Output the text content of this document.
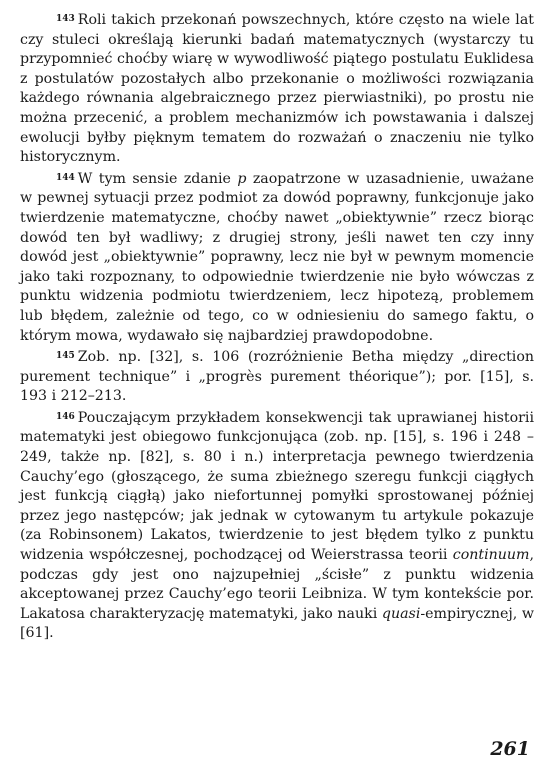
$^{143}$ Roli takich przekonań powszechnych, które często na wiele lat czy stuleci określają kierunki badań matematycznych (wystarczy tu przypomnieć choćby wiarę w wywodliwość piątego postulatu Euklidesa z postulatów pozostałych albo przekonanie o możliwości rozwiązania każdego równania algebraicznego przez pierwiastniki), po prostu nie można przecenić, a problem mechanizmów ich powstawania i dalszej ewolucji byłby pięknym tematem do rozważań o znaczeniu nie tylko historycznym.

$^{144}$ W tym sensie zdanie p zaopatrzone w uzasadnienie, uważane w pewnej sytuacji przez podmiot za dowód poprawny, funkcjonuje jako twierdzenie matematyczne, choćby nawet „obiektywnie” rzecz biorąc dowód ten był wadliwy; z drugiej strony, jeśli nawet ten czy inny dowód jest „obiektywnie” poprawny, lecz nie był w pewnym momencie jako taki rozpoznany, to odpowiednie twierdzenie nie było wówczas z punktu widzenia podmiotu twierdzeniem, lecz hipotezą, problemem lub błędem, zależnie od tego, co w odniesieniu do samego faktu, o którym mowa, wydawało się najbardziej prawdopodobne.

$^{145}$ Zob. np. [32], s. 106 (rozróżnienie Betha między „direction purement technique” i „progrès purement théorique”); por. [15], s. 193 i 212–213.

$^{146}$ Pouczającym przykładem konsekwencji tak uprawianej historii matematyki jest obiegowo funkcjonująca (zob. np. [15], s. 196 i 248 – 249, także np. [82], s. 80 i n.) interpretacja pewnego twierdzenia Cauchy’ego (głoszącego, że suma zbieżnego szeregu funkcji ciągłych jest funkcją ciągłą) jako niefortunnej pomyłki sprostowanej później przez jego następców; jak jednak w cytowanym tu artykule pokazuje (za Robinsonem) Lakatos, twierdzenie to jest błędem tylko z punktu widzenia współczesnej, pochodzącej od Weierstrassa teorii continuum, podczas gdy jest ono najzupełniej „ścisłe” z punktu widzenia akceptowanej przez Cauchy’ego teorii Leibniza. W tym kontekście por. Lakatosa charakteryzację matematyki, jako nauki quasi-empirycznej, w [61].

261
